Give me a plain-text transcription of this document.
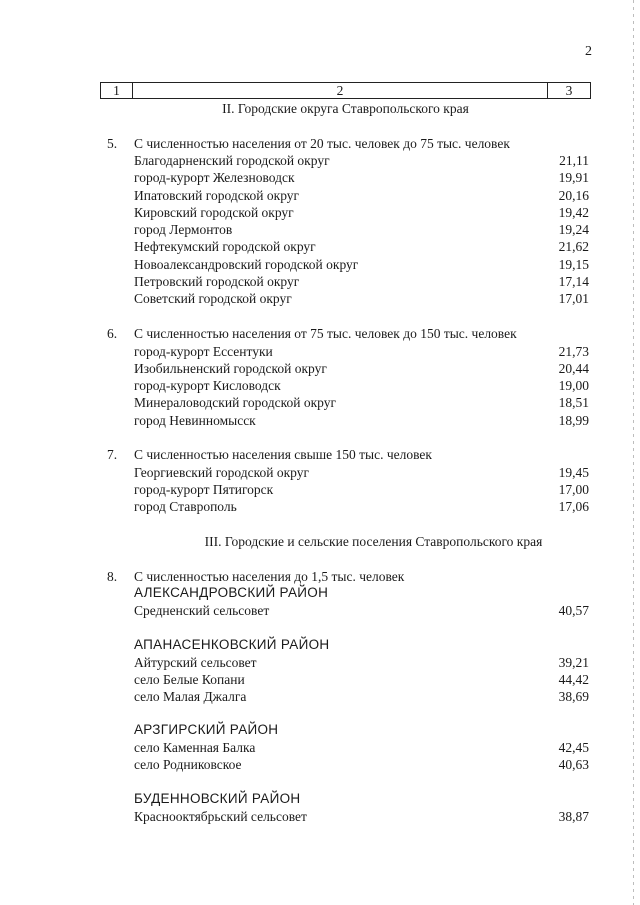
2
1	2	3
II. Городские округа Ставропольского края
5. С численностью населения от 20 тыс. человек до 75 тыс. человек
Благодарненский городской округ	21,11
город-курорт Железноводск	19,91
Ипатовский городской округ	20,16
Кировский городской округ	19,42
город Лермонтов	19,24
Нефтекумский городской округ	21,62
Новоалександровский городской округ	19,15
Петровский городской округ	17,14
Советский городской округ	17,01
6. С численностью населения от 75 тыс. человек до 150 тыс. человек
город-курорт Ессентуки	21,73
Изобильненский городской округ	20,44
город-курорт Кисловодск	19,00
Минераловодский городской округ	18,51
город Невинномысск	18,99
7. С численностью населения свыше 150 тыс. человек
Георгиевский городской округ	19,45
город-курорт Пятигорск	17,00
город Ставрополь	17,06
III. Городские и сельские поселения Ставропольского края
8. С численностью населения до 1,5 тыс. человек
АЛЕКСАНДРОВСКИЙ РАЙОН
Средненский сельсовет	40,57
АПАНАСЕНКОВСКИЙ РАЙОН
Айтурский сельсовет	39,21
село Белые Копани	44,42
село Малая Джалга	38,69
АРЗГИРСКИЙ РАЙОН
село Каменная Балка	42,45
село Родниковское	40,63
БУДЕННОВСКИЙ РАЙОН
Краснооктябрьский сельсовет	38,87
